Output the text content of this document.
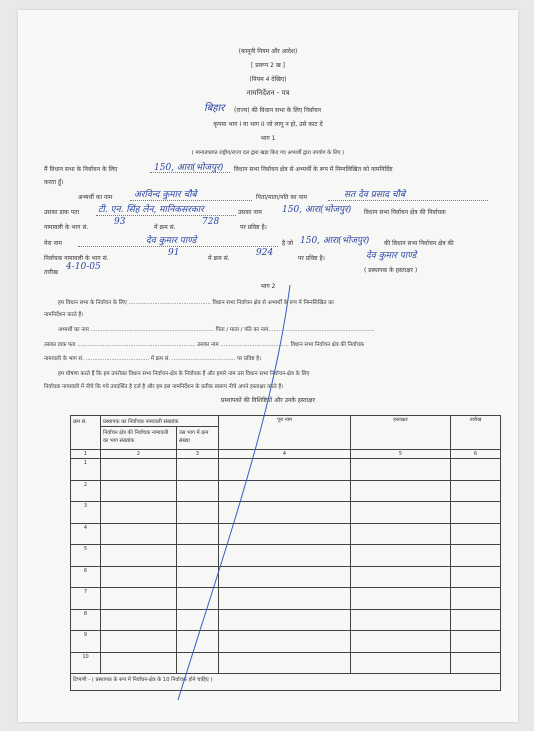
(कानूनी नियम और आदेश)
[ प्रारूप 2 ख ]
(नियम 4 देखिए)
नामनिर्देशन - पत्र
बिहार (राज्य) की विधान सभा के लिए निर्वाचन
कृपया भाग I या भाग II जो लागू न हो, उसे काट दें
भाग 1
( मान्यताप्राप्त राष्ट्रीय/राज्य दल द्वारा खड़ा किए गए अभ्यर्थी द्वारा उपयोग के लिए )
मैं विधान सभा के निर्वाचन के लिए	150, आरा(भोजपुर) विधान सभा निर्वाचन क्षेत्र से अभ्यर्थी के रूप में निम्नलिखित को नामनिर्दिष्ट
करता हूँ।
अभ्यर्थी का नाम अरविन्द कुमार चौबे	पिता/माता/पति का नाम	सत देव प्रसाद चौबे
उसका डाक पता टी. एन. सिंह लेन, मानिकसरकार	उसका नाम 150, आरा(भोजपुर) विधान सभा निर्वाचन क्षेत्र की निर्वाचक
नामावली के भाग सं.
93
में क्रम सं.
728
पर प्रविष्ट है।
मेरा नाम	देव कुमार पाण्डे	है जो 150, आरा(भोजपुर) की विधान सभा निर्वाचन क्षेत्र की
निर्वाचक नामावली के भाग सं.
91
में क्रम सं.
924
पर प्रविष्ट है।	देव कुमार पाण्डे
तारीख
4-10-05	( प्रस्थापक के हस्ताक्षर )
भाग 2
हम विधान सभा के निर्वाचन के लिए ................................................ विधान सभा निर्वाचन क्षेत्र से अभ्यर्थी के रूप में निम्नलिखित का
नामनिर्देशन करते हैं।
अभ्यर्थी का नाम ........................................................................ पिता / माता / पति का नाम..............................................................
उसका डाक पता ..................................................................... उसका नाम ........................................ विधान सभा निर्वाचन क्षेत्र की निर्वाचक
नामावली के भाग सं. ..................................... में क्रम सं. ..................................... पर प्रविष्ट है।
हम घोषणा करते हैं कि हम उपरोक्त विधान सभा निर्वाचन-क्षेत्र के निर्वाचक हैं और हमारे नाम उस विधान सभा निर्वाचन-क्षेत्र के लिए
निर्वाचक नामावली में नीचे कि गये उपदर्शित है दर्ज है और हम इस नामनिर्देशन के प्रतीक स्वरूप नीचे अपने हस्ताक्षर करते हैं।
प्रस्थापकों की विशिष्टियों और उनके हस्ताक्षर
क्रम सं.	प्रस्थापक का निर्वाचक नामावली संख्यांक		पूरा नाम	हस्ताक्षर	तारीख
	निर्वाचन क्षेत्र की निर्वाचक नामावली का भाग संख्यांक	उस भाग में क्रम संख्या			
1	2	3	4	5	6
1					
2					
3					
4					
5					
6					
7					
8					
9					
10					
टिप्पणी - ( प्रस्थापक के रूप में निर्वाचन-क्षेत्र के 10 निर्वाचक होने चाहिए )					
